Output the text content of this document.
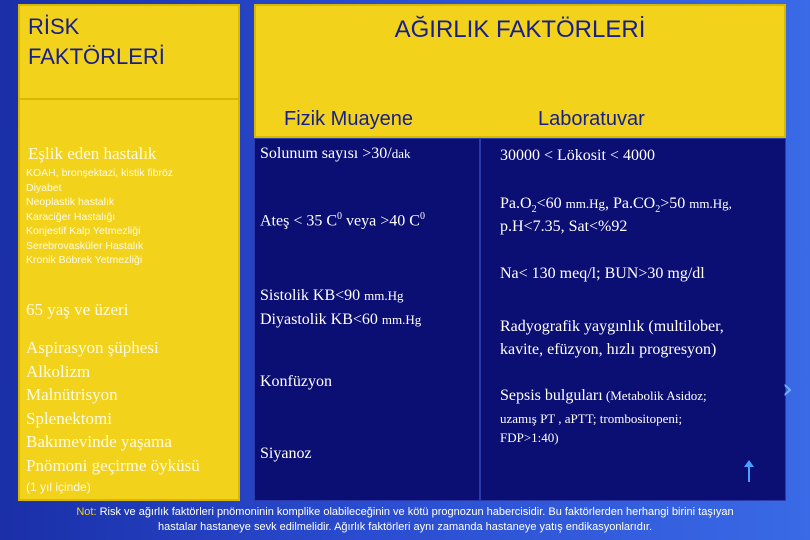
RİSK
FAKTÖRLERİ
AĞIRLIK FAKTÖRLERİ
Fizik Muayene	Laboratuvar
Eşlik eden hastalık
KOAH, bronşektazi, kistik fibröz
Diyabet
Neoplastik hastalık
Karaciğer Hastalığı
Konjestif Kalp Yetmezliği
Serebrovasküler Hastalık
Kronik Böbrek Yetmezliği
65 yaş ve üzeri
Aspirasyon şüphesi
Alkolizm
Malnütrisyon
Splenektomi
Bakımevinde yaşama
Pnömoni geçirme öyküsü
(1 yıl içinde)
Solunum sayısı >30/dak
Ateş < 35 $C^0$ veya >40 $C^0$
Sistolik KB<90 mm.Hg
Diyastolik KB<60 mm.Hg
Konfüzyon
Siyanoz
30000 < Lökosit < 4000
$Pa.O_2<60$ mm.Hg, $Pa.CO_2>50$ mm.Hg,
p.H<7.35, Sat<%92
Na< 130 meq/l; BUN>30 mg/dl
Radyografik yaygınlık (multilober,
kavite, efüzyon, hızlı progresyon)
Sepsis bulguları (Metabolik Asidoz;
uzamış PT , aPTT; trombositopeni;
FDP>1:40)
›
Not: Risk ve ağırlık faktörleri pnömoninin komplike olabileceğinin ve kötü prognozun habercisidir. Bu faktörlerden herhangi birini taşıyan
hastalar hastaneye sevk edilmelidir. Ağırlık faktörleri aynı zamanda hastaneye yatış endikasyonlarıdır.
